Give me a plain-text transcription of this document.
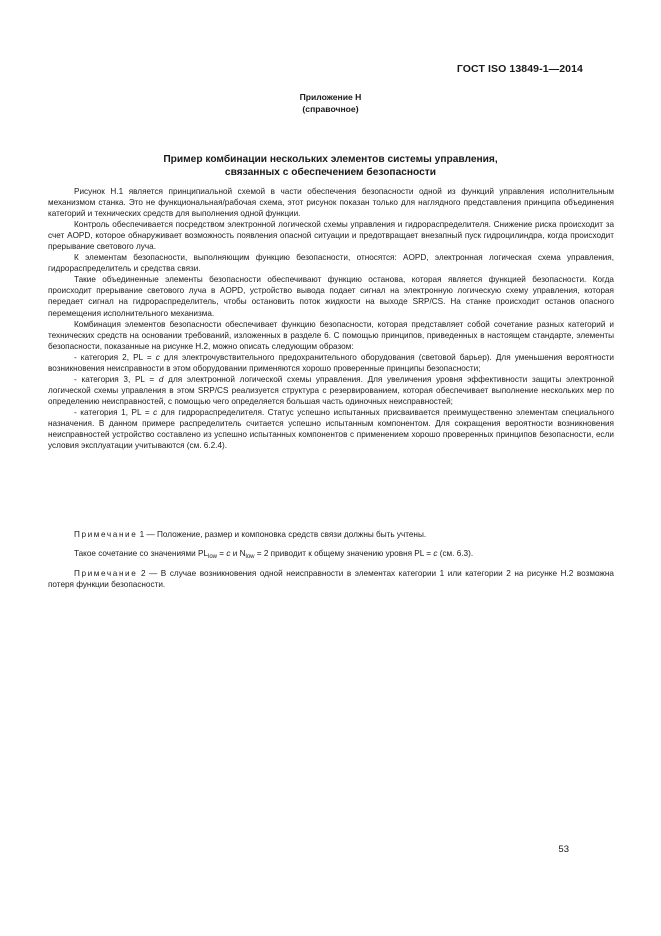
ГОСТ ISO 13849-1—2014
Приложение Н
(справочное)
Пример комбинации нескольких элементов системы управления,
связанных с обеспечением безопасности

Рисунок Н.1 является принципиальной схемой в части обеспечения безопасности одной из функций управления исполнительным механизмом станка. Это не функциональная/рабочая схема, этот рисунок показан только для наглядного представления принципа объединения категорий и технических средств для выполнения одной функции.

Контроль обеспечивается посредством электронной логической схемы управления и гидрораспределителя. Снижение риска происходит за счет AOPD, которое обнаруживает возможность появления опасной ситуации и предотвращает внезапный пуск гидроцилиндра, когда происходит прерывание светового луча.

К элементам безопасности, выполняющим функцию безопасности, относятся: AOPD, электронная логическая схема управления, гидрораспределитель и средства связи.

Такие объединенные элементы безопасности обеспечивают функцию останова, которая является функцией безопасности. Когда происходит прерывание светового луча в AOPD, устройство вывода подает сигнал на электронную логическую схему управления, которая передает сигнал на гидрораспределитель, чтобы остановить поток жидкости на выходе SRP/CS. На станке происходит останов опасного перемещения исполнительного механизма.

Комбинация элементов безопасности обеспечивает функцию безопасности, которая представляет собой сочетание разных категорий и технических средств на основании требований, изложенных в разделе 6. С помощью принципов, приведенных в настоящем стандарте, элементы безопасности, показанные на рисунке Н.2, можно описать следующим образом:

- категория 2, PL = c для электрочувствительного предохранительного оборудования (световой барьер). Для уменьшения вероятности возникновения неисправности в этом оборудовании применяются хорошо проверенные принципы безопасности;

- категория 3, PL = d для электронной логической схемы управления. Для увеличения уровня эффективности защиты электронной логической схемы управления в этом SRP/CS реализуется структура с резервированием, которая обеспечивает выполнение нескольких мер по определению неисправностей, с помощью чего определяется большая часть одиночных неисправностей;

- категория 1, PL = c для гидрораспределителя. Статус успешно испытанных присваивается преимущественно элементам специального назначения. В данном примере распределитель считается успешно испытанным компонентом. Для сокращения вероятности возникновения неисправностей устройство составлено из успешно испытанных компонентов с применением хорошо проверенных принципов безопасности, если условия эксплуатации учитываются (см. 6.2.4).

Примечание 1 — Положение, размер и компоновка средств связи должны быть учтены.

Такое сочетание со значениями $PL_{low} = c$ и $N_{low} = 2$ приводит к общему значению уровня PL = c (см. 6.3).

Примечание 2 — В случае возникновения одной неисправности в элементах категории 1 или категории 2 на рисунке Н.2 возможна потеря функции безопасности.

53
